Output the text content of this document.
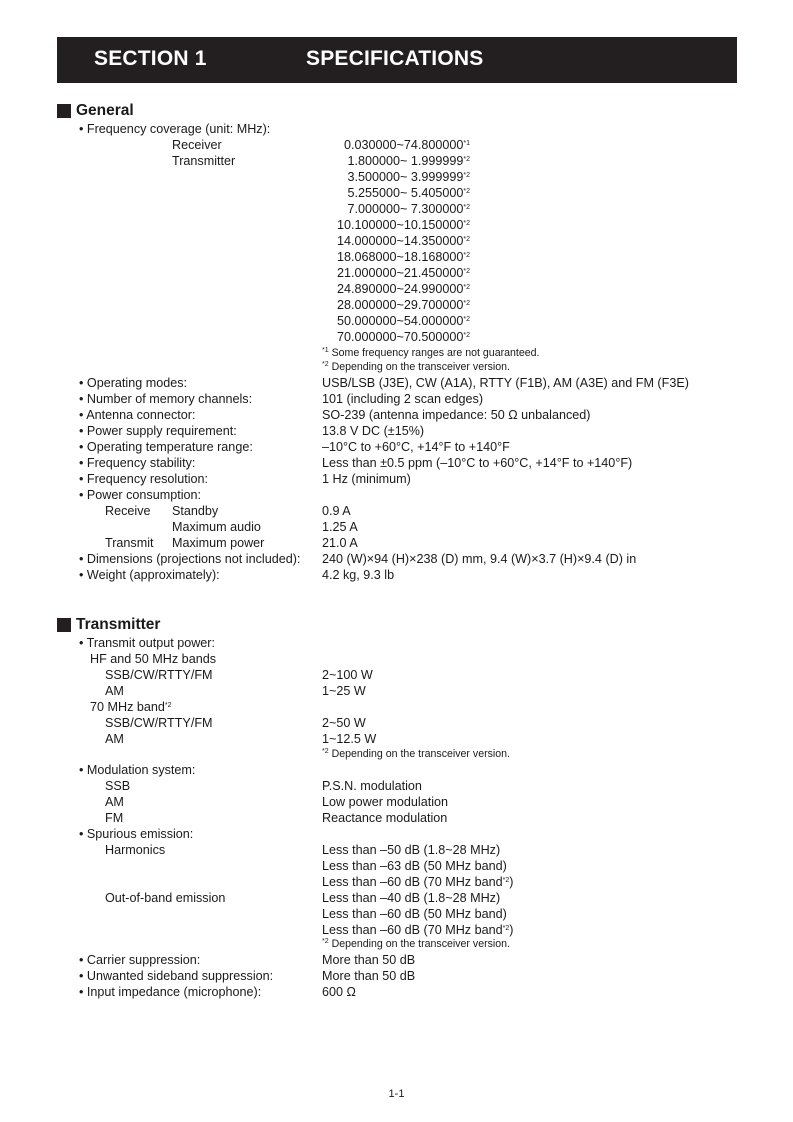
SECTION 1	SPECIFICATIONS
General
• Frequency coverage (unit: MHz):
Receiver	0.030000~74.800000$^{*1}$
Transmitter	1.800000~ 1.999999$^{*2}$
3.500000~ 3.999999$^{*2}$
5.255000~ 5.405000$^{*2}$
7.000000~ 7.300000$^{*2}$
10.100000~10.150000$^{*2}$
14.000000~14.350000$^{*2}$
18.068000~18.168000$^{*2}$
21.000000~21.450000$^{*2}$
24.890000~24.990000$^{*2}$
28.000000~29.700000$^{*2}$
50.000000~54.000000$^{*2}$
70.000000~70.500000$^{*2}$
$^{*1}$ Some frequency ranges are not guaranteed.
$^{*2}$ Depending on the transceiver version.
• Operating modes:	USB/LSB (J3E), CW (A1A), RTTY (F1B), AM (A3E) and FM (F3E)
• Number of memory channels:	101 (including 2 scan edges)
• Antenna connector:	SO-239 (antenna impedance: 50 Ω unbalanced)
• Power supply requirement:	13.8 V DC (±15%)
• Operating temperature range:	–10°C to +60°C, +14°F to +140°F
• Frequency stability:	Less than ±0.5 ppm (–10°C to +60°C, +14°F to +140°F)
• Frequency resolution:	1 Hz (minimum)
• Power consumption:
Receive Standby	0.9 A
Maximum audio	1.25 A
Transmit Maximum power	21.0 A
• Dimensions (projections not included): 240 (W)×94 (H)×238 (D) mm, 9.4 (W)×3.7 (H)×9.4 (D) in
• Weight (approximately):	4.2 kg, 9.3 lb
Transmitter
• Transmit output power:
HF and 50 MHz bands
SSB/CW/RTTY/FM	2~100 W
AM	1~25 W
70 MHz band$^{*2}$
SSB/CW/RTTY/FM	2~50 W
AM	1~12.5 W
$^{*2}$ Depending on the transceiver version.
• Modulation system:
SSB	P.S.N. modulation
AM	Low power modulation
FM	Reactance modulation
• Spurious emission:
Harmonics	Less than –50 dB (1.8~28 MHz)
Less than –63 dB (50 MHz band)
Less than –60 dB (70 MHz band$^{*2}$)
Out-of-band emission	Less than –40 dB (1.8~28 MHz)
Less than –60 dB (50 MHz band)
Less than –60 dB (70 MHz band$^{*2}$)
$^{*2}$ Depending on the transceiver version.
• Carrier suppression:	More than 50 dB
• Unwanted sideband suppression:	More than 50 dB
• Input impedance (microphone):	600 Ω
1-1
